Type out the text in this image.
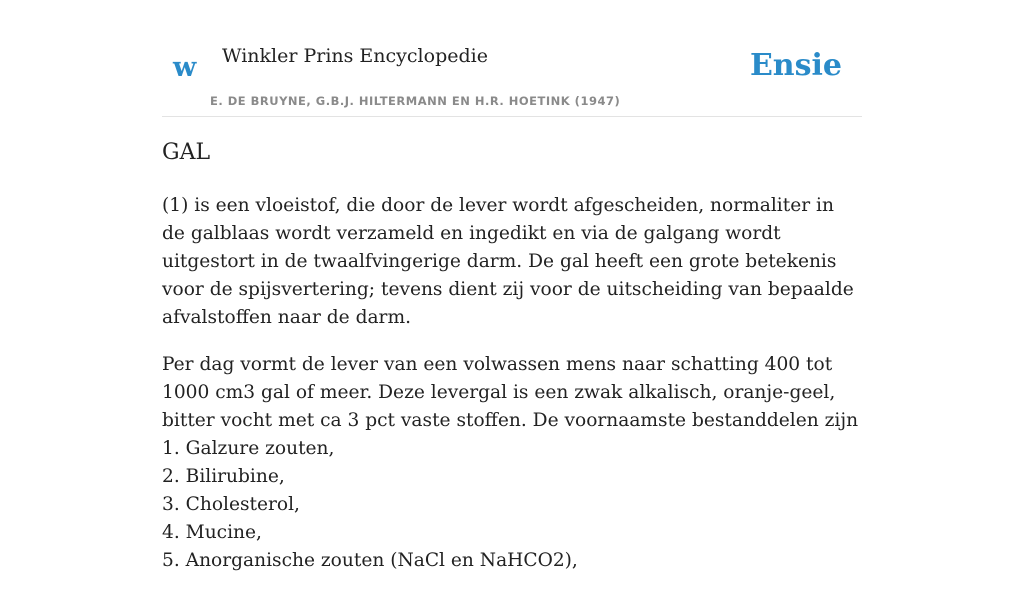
w Winkler Prins Encyclopedie
E. DE BRUYNE, G.B.J. HILTERMANN EN H.R. HOETINK (1947)
Ensie
GAL

(1) is een vloeistof, die door de lever wordt afgescheiden, normaliter in de galblaas wordt verzameld en ingedikt en via de galgang wordt uitgestort in de twaalfvingerige darm. De gal heeft een grote betekenis voor de spijsvertering; tevens dient zij voor de uitscheiding van bepaalde afvalstoffen naar de darm.

Per dag vormt de lever van een volwassen mens naar schatting 400 tot 1000 cm3 gal of meer. Deze levergal is een zwak alkalisch, oranje-geel, bitter vocht met ca 3 pct vaste stoffen. De voornaamste bestanddelen zijn 1. Galzure zouten,
2. Bilirubine,
3. Cholesterol,
4. Mucine,
5. Anorganische zouten (NaCl en NaHCO2),
